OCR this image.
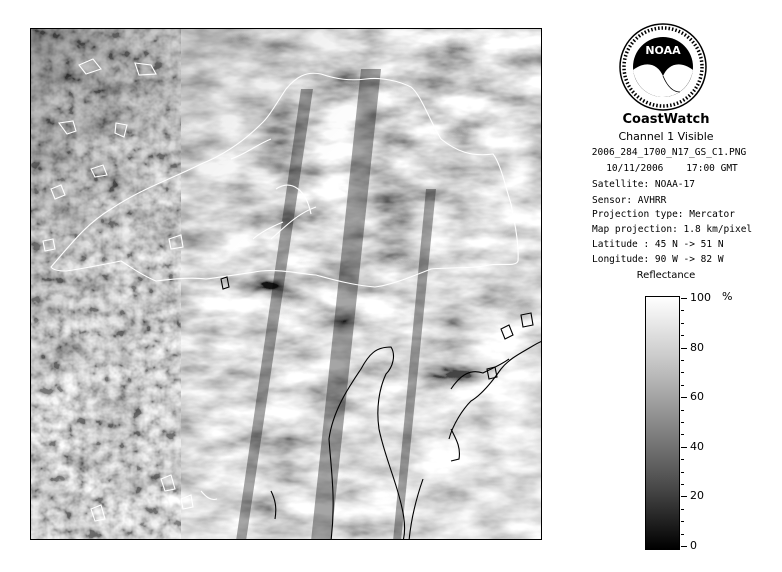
NOAA
CoastWatch
Channel 1 Visible
2006_284_1700_N17_GS_C1.PNG
10/11/2006 17:00 GMT
Satellite: NOAA-17
Sensor: AVHRR
Projection type: Mercator
Map projection: 1.8 km/pixel
Latitude : 45 N -> 51 N
Longitude: 90 W -> 82 W
Reflectance
%
100
80
60
40
20
0
